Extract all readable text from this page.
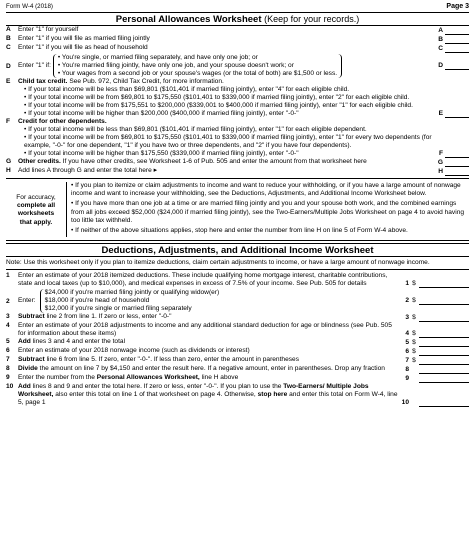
Form W-4 (2018)	Page 3
Personal Allowances Worksheet (Keep for your records.)
A	Enter "1" for yourself	A
B	Enter "1" if you will file as married filing jointly	B
C	Enter "1" if you will file as head of household	C
D	Enter "1" if:
• You're single, or married filing separately, and have only one job; or
• You're married filing jointly, have only one job, and your spouse doesn't work; or
• Your wages from a second job or your spouse's wages (or the total of both) are $1,500 or less.
D
E	Child tax credit. See Pub. 972, Child Tax Credit, for more information.
• If your total income will be less than $69,801 ($101,401 if married filing jointly), enter "4" for each eligible child.
• If your total income will be from $69,801 to $175,550 ($101,401 to $339,000 if married filing jointly), enter "2" for each eligible child.
• If your total income will be from $175,551 to $200,000 ($339,001 to $400,000 if married filing jointly), enter "1" for each eligible child.
• If your total income will be higher than $200,000 ($400,000 if married filing jointly), enter "-0-"	E
F	Credit for other dependents.
• If your total income will be less than $69,801 ($101,401 if married filing jointly), enter "1" for each eligible dependent.
• If your total income will be from $69,801 to $175,550 ($101,401 to $339,000 if married filing jointly), enter "1" for every two dependents (for example, "-0-" for one dependent, "1" if you have two or three dependents, and "2" if you have four dependents).
• If your total income will be higher than $175,550 ($339,000 if married filing jointly), enter "-0-"	F
G	Other credits. If you have other credits, see Worksheet 1-6 of Pub. 505 and enter the amount from that worksheet here	G
H	Add lines A through G and enter the total here ▸	H
For accuracy,
complete all
worksheets
that apply.

• If you plan to itemize or claim adjustments to income and want to reduce your withholding, or if you have a large amount of nonwage income and want to increase your withholding, see the Deductions, Adjustments, and Additional Income Worksheet below.

• If you have more than one job at a time or are married filing jointly and you and your spouse both work, and the combined earnings from all jobs exceed $52,000 ($24,000 if married filing jointly), see the Two-Earners/Multiple Jobs Worksheet on page 4 to avoid having too little tax withheld.

• If neither of the above situations applies, stop here and enter the number from line H on line 5 of Form W-4 above.

Deductions, Adjustments, and Additional Income Worksheet
Note: Use this worksheet only if you plan to itemize deductions, claim certain adjustments to income, or have a large amount of nonwage income.
1	Enter an estimate of your 2018 itemized deductions. These include qualifying home mortgage interest, charitable contributions, state and local taxes (up to $10,000), and medical expenses in excess of 7.5% of your income. See Pub. 505 for details	1 $
2	Enter:
$24,000 if you're married filing jointly or qualifying widow(er)
$18,000 if you're head of household
$12,000 if you're single or married filing separately
2 $
3	Subtract line 2 from line 1. If zero or less, enter "-0-"	3 $
4	Enter an estimate of your 2018 adjustments to income and any additional standard deduction for age or blindness (see Pub. 505 for information about these items)	4 $
5	Add lines 3 and 4 and enter the total	5 $
6	Enter an estimate of your 2018 nonwage income (such as dividends or interest)	6 $
7	Subtract line 6 from line 5. If zero, enter "-0-". If less than zero, enter the amount in parentheses	7 $
8	Divide the amount on line 7 by $4,150 and enter the result here. If a negative amount, enter in parentheses. Drop any fraction	8
9	Enter the number from the Personal Allowances Worksheet, line H above	9
10 Add lines 8 and 9 and enter the total here. If zero or less, enter "-0-". If you plan to use the Two-Earners/ Multiple Jobs Worksheet, also enter this total on line 1 of that worksheet on page 4. Otherwise, stop here and enter this total on Form W-4, line 5, page 1	10
